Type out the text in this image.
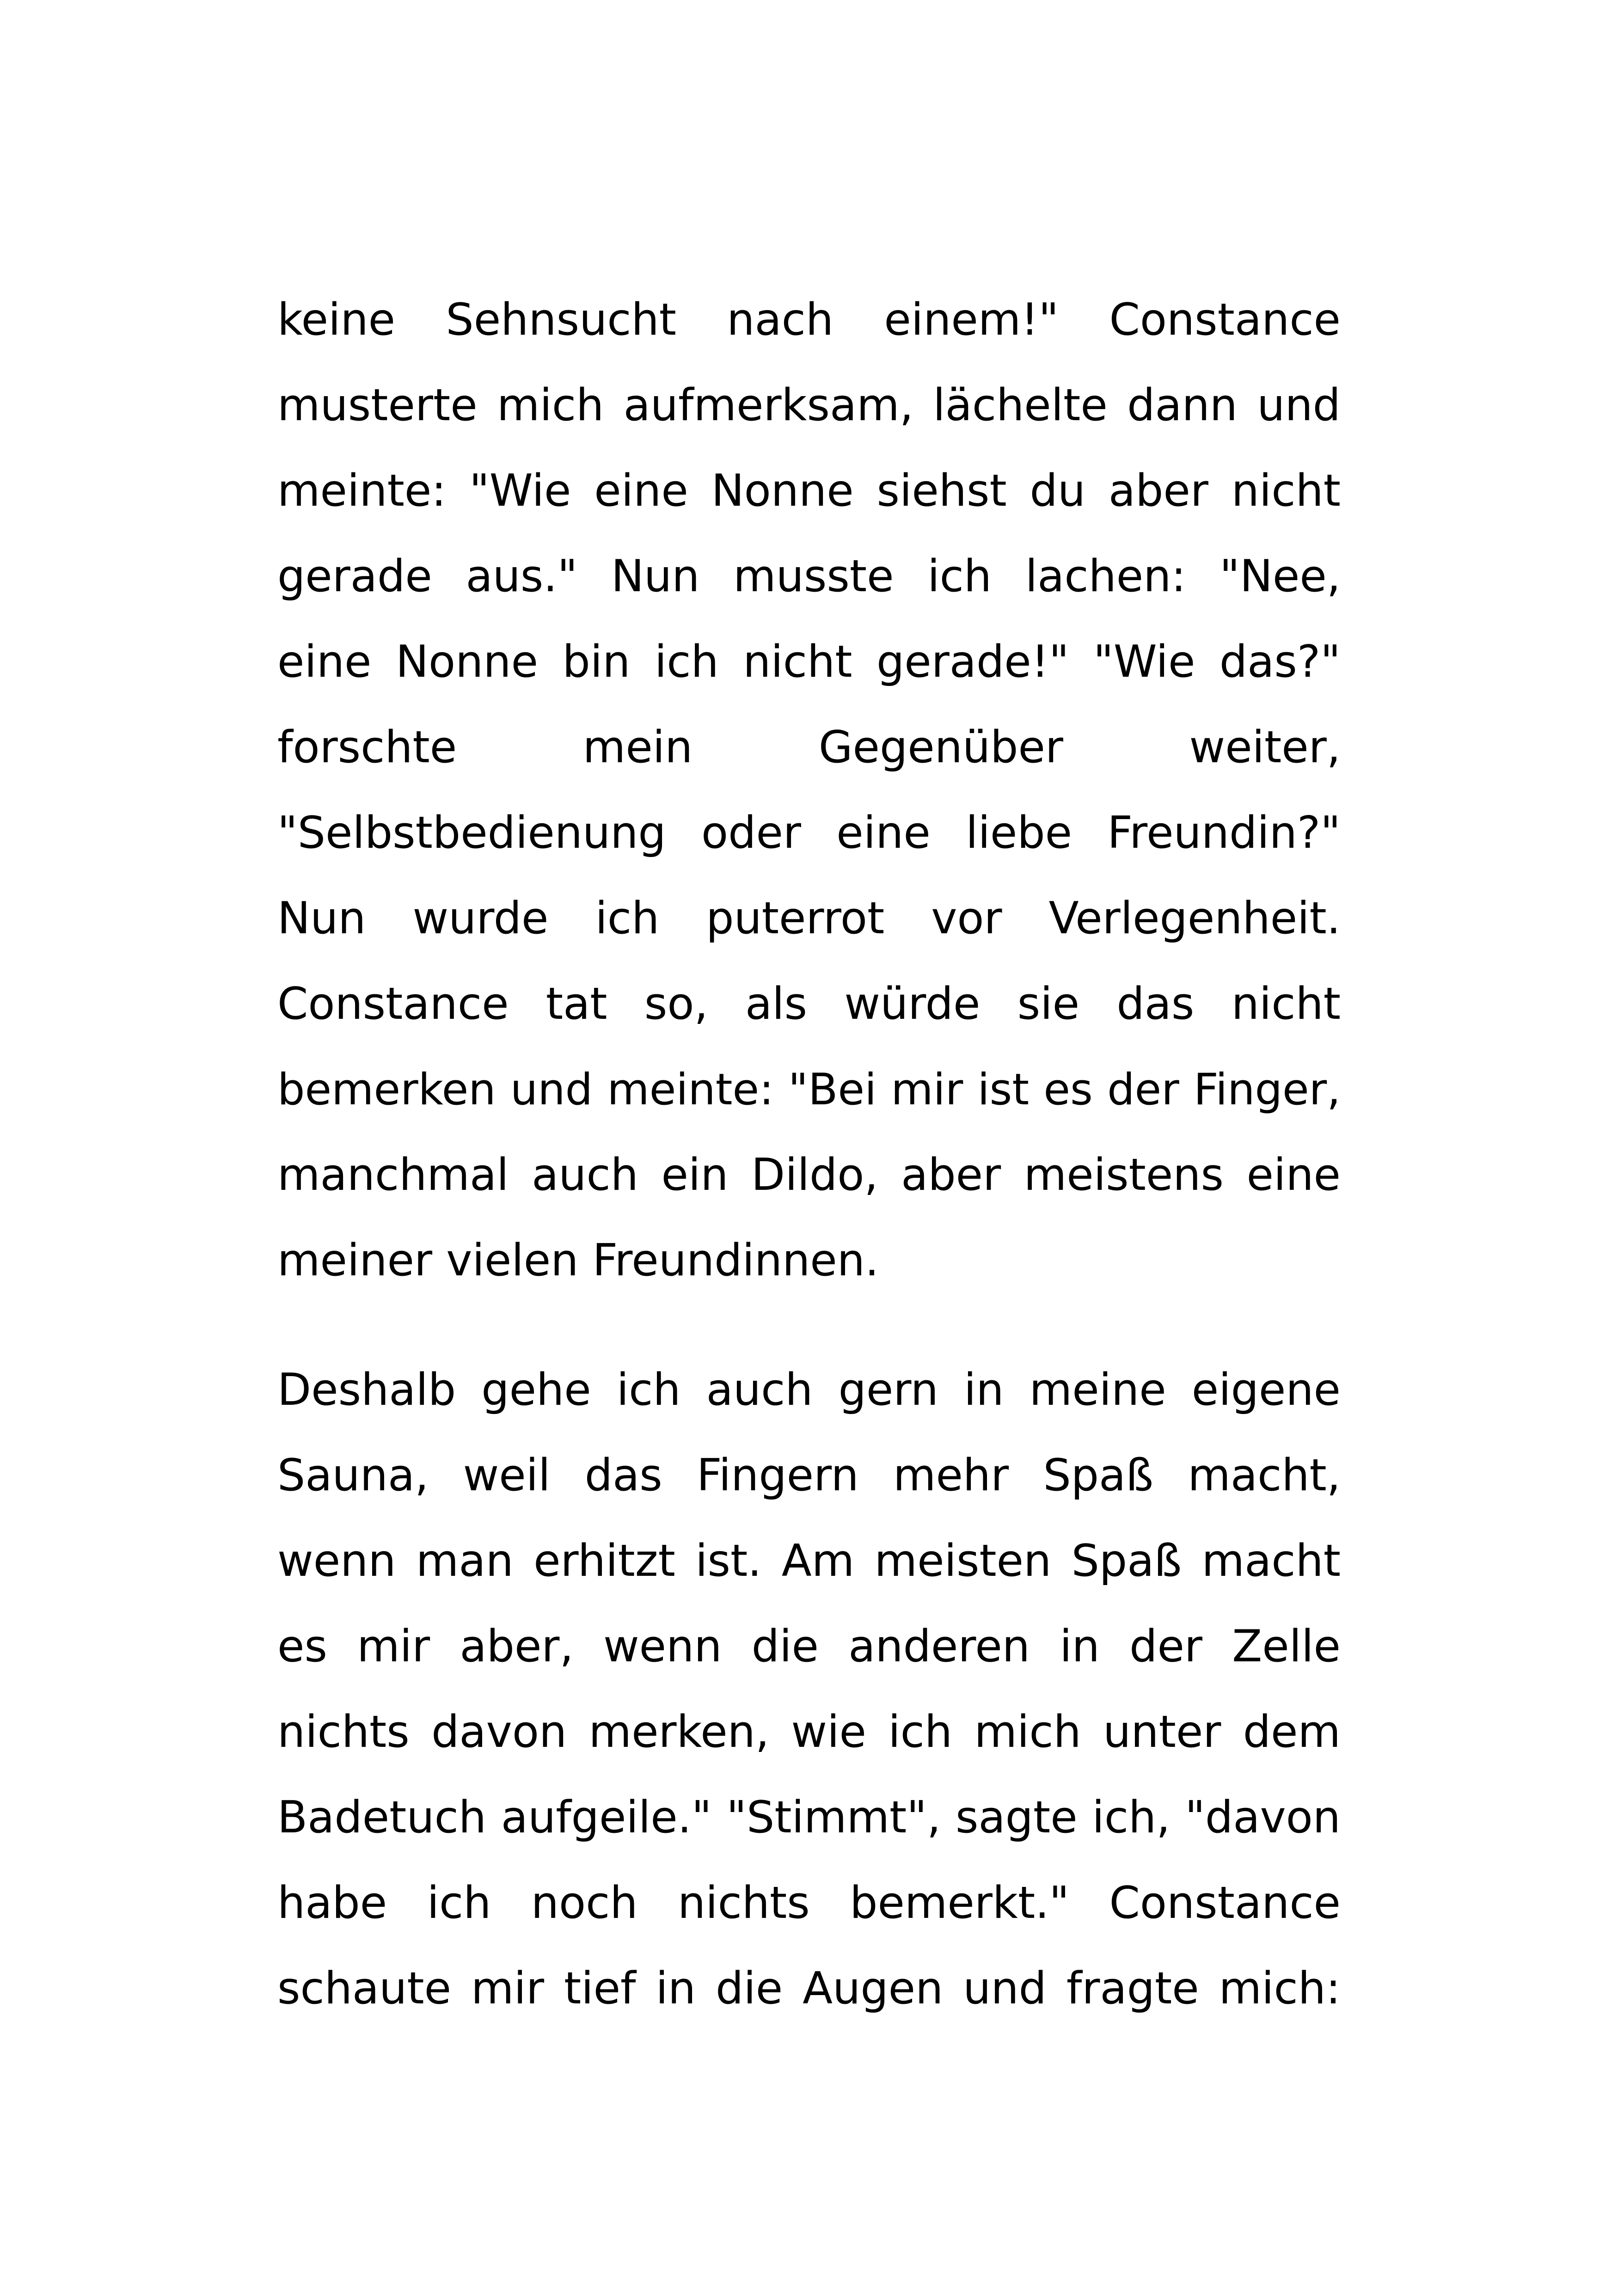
keine Sehnsucht nach einem!" Constance
musterte mich aufmerksam, lächelte dann und
meinte: "Wie eine Nonne siehst du aber nicht
gerade aus." Nun musste ich lachen: "Nee,
eine Nonne bin ich nicht gerade!" "Wie das?"
forschte mein Gegenüber weiter,
"Selbstbedienung oder eine liebe Freundin?"
Nun wurde ich puterrot vor Verlegenheit.
Constance tat so, als würde sie das nicht
bemerken und meinte: "Bei mir ist es der Finger,
manchmal auch ein Dildo, aber meistens eine
meiner vielen Freundinnen.
Deshalb gehe ich auch gern in meine eigene
Sauna, weil das Fingern mehr Spaß macht,
wenn man erhitzt ist. Am meisten Spaß macht
es mir aber, wenn die anderen in der Zelle
nichts davon merken, wie ich mich unter dem
Badetuch aufgeile." "Stimmt", sagte ich, "davon
habe ich noch nichts bemerkt." Constance
schaute mir tief in die Augen und fragte mich:
